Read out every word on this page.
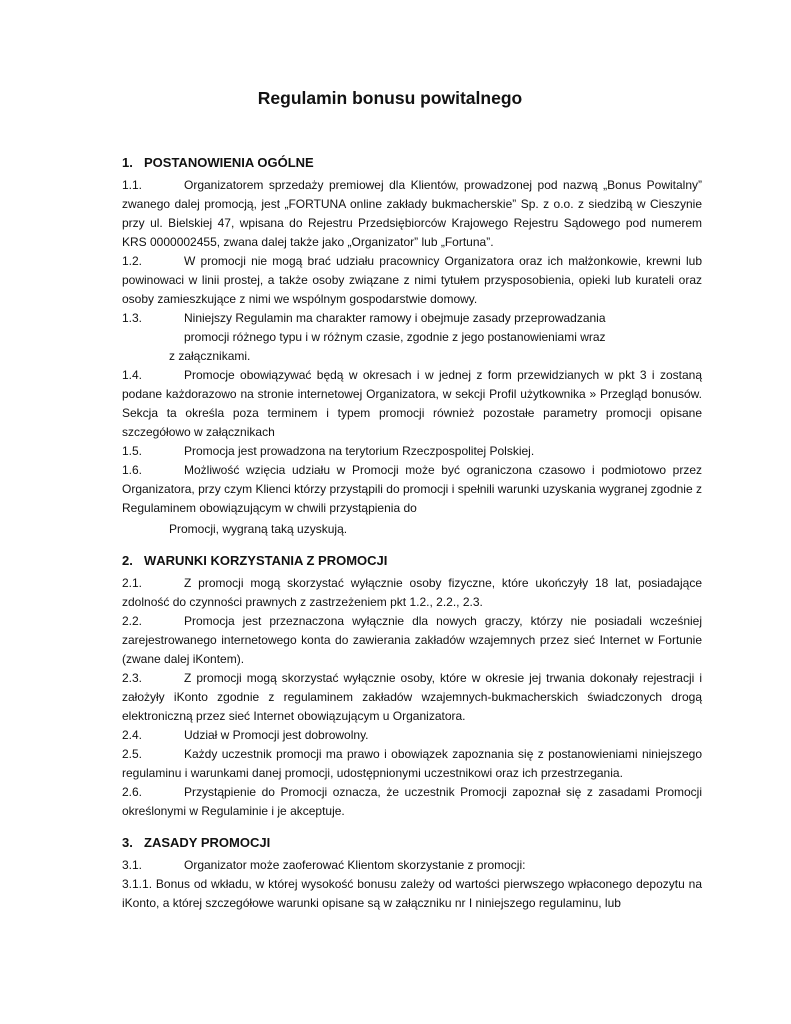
Regulamin bonusu powitalnego
1. POSTANOWIENIA OGÓLNE

1.1.	Organizatorem sprzedaży premiowej dla Klientów, prowadzonej pod nazwą „Bonus Powitalny” zwanego dalej promocją, jest „FORTUNA online zakłady bukmacherskie” Sp. z o.o. z siedzibą w Cieszynie przy ul. Bielskiej 47, wpisana do Rejestru Przedsiębiorców Krajowego Rejestru Sądowego pod numerem KRS 0000002455, zwana dalej także jako „Organizator” lub „Fortuna”.

1.2.	W promocji nie mogą brać udziału pracownicy Organizatora oraz ich małżonkowie, krewni lub powinowaci w linii prostej, a także osoby związane z nimi tytułem przysposobienia, opieki lub kurateli oraz osoby zamieszkujące z nimi we wspólnym gospodarstwie domowy.

1.3.	Niniejszy Regulamin ma charakter ramowy i obejmuje zasady przeprowadzania

promocji różnego typu i w różnym czasie, zgodnie z jego postanowieniami wraz

z załącznikami.

1.4.	Promocje obowiązywać będą w okresach i w jednej z form przewidzianych w pkt 3 i zostaną podane każdorazowo na stronie internetowej Organizatora, w sekcji Profil użytkownika » Przegląd bonusów. Sekcja ta określa poza terminem i typem promocji również pozostałe parametry promocji opisane szczegółowo w załącznikach

1.5.	Promocja jest prowadzona na terytorium Rzeczpospolitej Polskiej.

1.6.	Możliwość wzięcia udziału w Promocji może być ograniczona czasowo i podmiotowo przez Organizatora, przy czym Klienci którzy przystąpili do promocji i spełnili warunki uzyskania wygranej zgodnie z Regulaminem obowiązującym w chwili przystąpienia do

Promocji, wygraną taką uzyskują.

2. WARUNKI KORZYSTANIA Z PROMOCJI

2.1.	Z promocji mogą skorzystać wyłącznie osoby fizyczne, które ukończyły 18 lat, posiadające zdolność do czynności prawnych z zastrzeżeniem pkt 1.2., 2.2., 2.3.

2.2.	Promocja jest przeznaczona wyłącznie dla nowych graczy, którzy nie posiadali wcześniej zarejestrowanego internetowego konta do zawierania zakładów wzajemnych przez sieć Internet w Fortunie (zwane dalej iKontem).

2.3.	Z promocji mogą skorzystać wyłącznie osoby, które w okresie jej trwania dokonały rejestracji i założyły iKonto zgodnie z regulaminem zakładów wzajemnych-bukmacherskich świadczonych drogą elektroniczną przez sieć Internet obowiązującym u Organizatora.

2.4.	Udział w Promocji jest dobrowolny.

2.5.	Każdy uczestnik promocji ma prawo i obowiązek zapoznania się z postanowieniami niniejszego regulaminu i warunkami danej promocji, udostępnionymi uczestnikowi oraz ich przestrzegania.

2.6.	Przystąpienie do Promocji oznacza, że uczestnik Promocji zapoznał się z zasadami Promocji określonymi w Regulaminie i je akceptuje.

3. ZASADY PROMOCJI

3.1.	Organizator może zaoferować Klientom skorzystanie z promocji:

3.1.1. Bonus od wkładu, w której wysokość bonusu zależy od wartości pierwszego wpłaconego depozytu na iKonto, a której szczegółowe warunki opisane są w załączniku nr I niniejszego regulaminu, lub
